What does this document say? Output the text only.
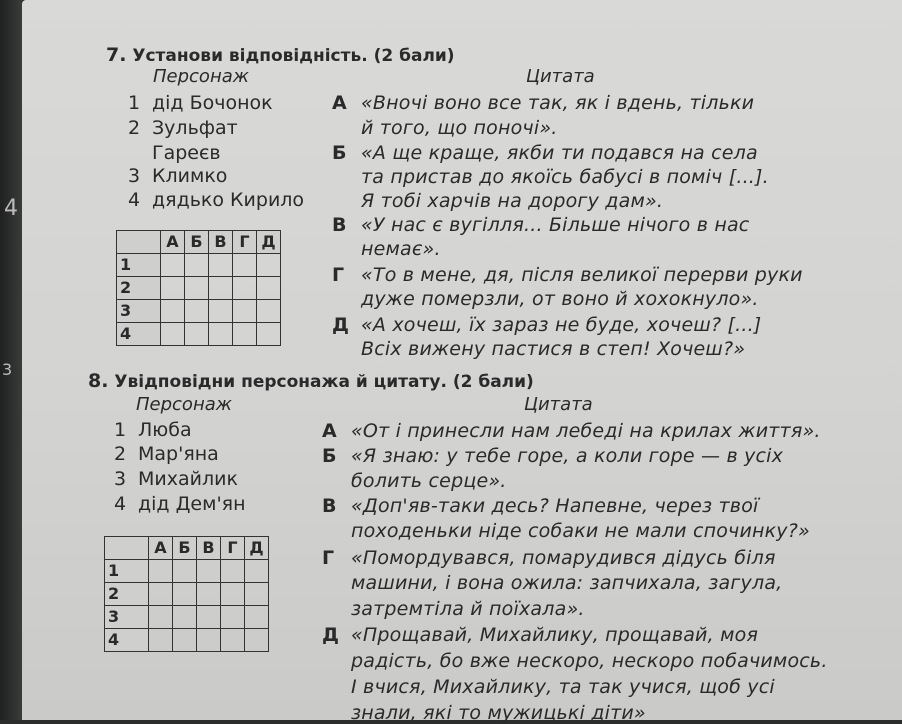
4
3
7. Установи відповідність. (2 бали)
Персонаж	Цитата
1 дід Бочонок
2 Зульфат
Гареєв
3 Климко
4 дядько Кирило
А «Вночі воно все так, як і вдень, тільки
й того, що поночі».
Б «А ще краще, якби ти подався на села
та пристав до якоїсь бабусі в поміч [...].
Я тобі харчів на дорогу дам».
В «У нас є вугілля... Більше нічого в нас
немає».
Г «То в мене, дя, після великої перерви руки
дуже померзли, от воно й хохокнуло».
Д «А хочеш, їх зараз не буде, хочеш? [...]
Всіх вижену пастися в степ! Хочеш?»
	А	Б	В	Г	Д
1					
2					
3					
4					
8. Увідповідни персонажа й цитату. (2 бали)
Персонаж	Цитата
1 Люба
2 Мар'яна
3 Михайлик
4 дід Дем'ян
А «От і принесли нам лебеді на крилах життя».
Б «Я знаю: у тебе горе, а коли горе — в усіх
болить серце».
В «Доп'яв-таки десь? Напевне, через твої
походеньки ніде собаки не мали спочинку?»
Г «Помордувався, помарудився дідусь біля
машини, і вона ожила: запчихала, загула,
затремтіла й поїхала».
Д «Прощавай, Михайлику, прощавай, моя
радість, бо вже нескоро, нескоро побачимось.
І вчися, Михайлику, та так учися, щоб усі
знали, які то мужицькі діти»
	А	Б	В	Г	Д
1					
2					
3					
4					
